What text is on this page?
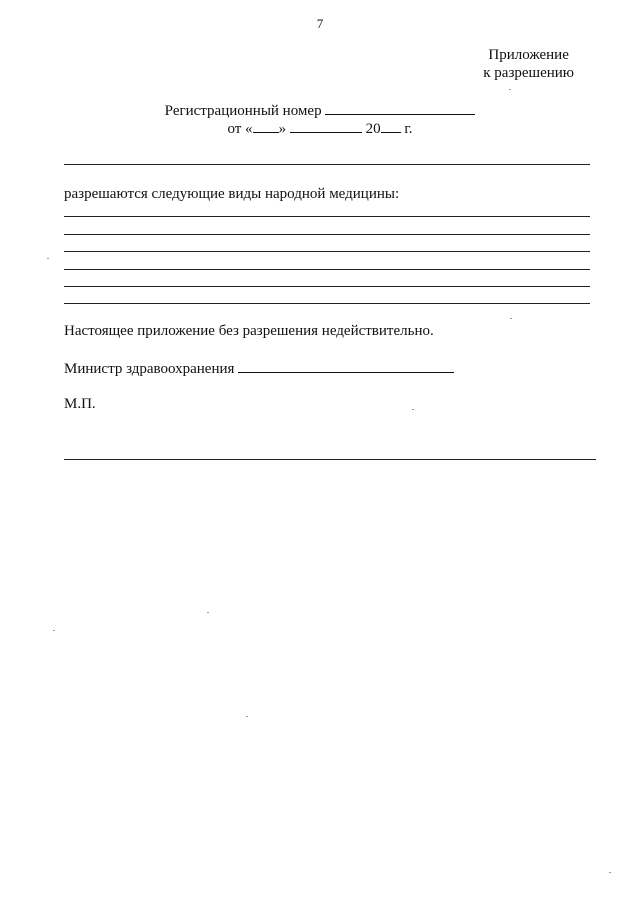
7
Приложение
к разрешению
Регистрационный номер
от « »	20 г.
разрешаются следующие виды народной медицины:
Настоящее приложение без разрешения недействительно.
Министр здравоохранения
М.П.
